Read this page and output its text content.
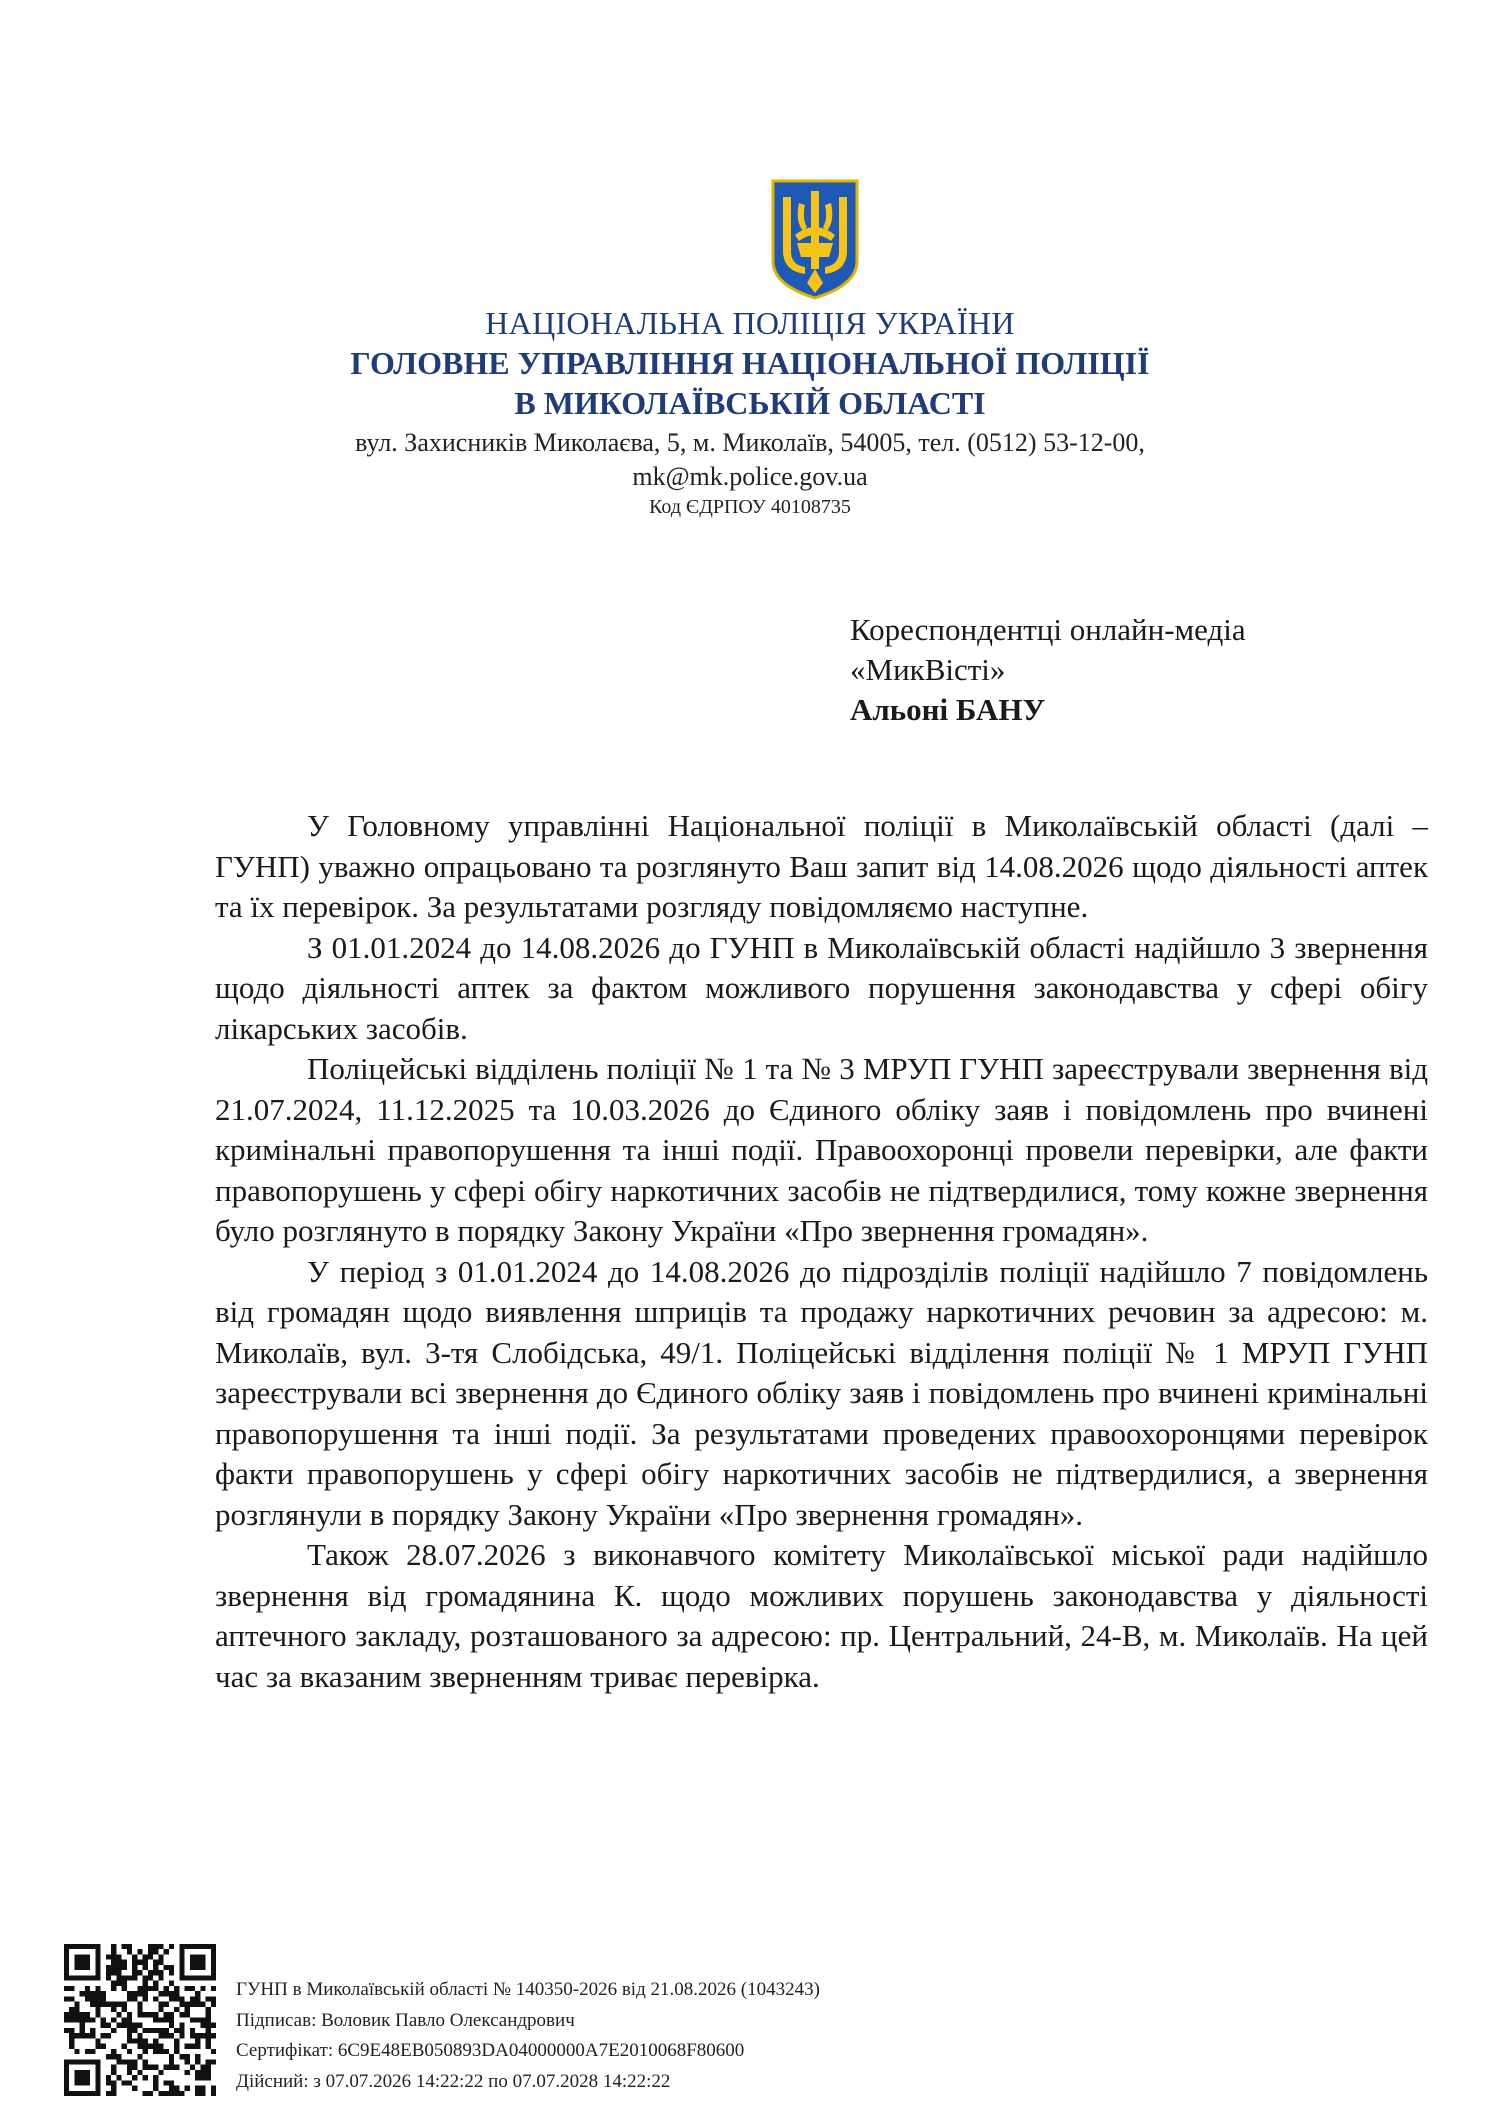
НАЦІОНАЛЬНА ПОЛІЦІЯ УКРАЇНИ
ГОЛОВНЕ УПРАВЛІННЯ НАЦІОНАЛЬНОЇ ПОЛІЦІЇ
В МИКОЛАЇВСЬКІЙ ОБЛАСТІ
вул. Захисників Миколаєва, 5, м. Миколаїв, 54005, тел. (0512) 53-12-00,
mk@mk.police.gov.ua
Код ЄДРПОУ 40108735
Кореспондентці онлайн-медіа
«МикВісті»
Альоні БАНУ

У Головному управлінні Національної поліції в Миколаївській області (далі – ГУНП) уважно опрацьовано та розглянуто Ваш запит від 14.08.2026 щодо діяльності аптек та їх перевірок. За результатами розгляду повідомляємо наступне.

З 01.01.2024 до 14.08.2026 до ГУНП в Миколаївській області надійшло 3 звернення щодо діяльності аптек за фактом можливого порушення законодавства у сфері обігу лікарських засобів.

Поліцейські відділень поліції № 1 та № 3 МРУП ГУНП зареєстрували звернення від 21.07.2024, 11.12.2025 та 10.03.2026 до Єдиного обліку заяв і повідомлень про вчинені кримінальні правопорушення та інші події. Правоохоронці провели перевірки, але факти правопорушень у сфері обігу наркотичних засобів не підтвердилися, тому кожне звернення було розглянуто в порядку Закону України «Про звернення громадян».

У період з 01.01.2024 до 14.08.2026 до підрозділів поліції надійшло 7 повідомлень від громадян щодо виявлення шприців та продажу наркотичних речовин за адресою: м. Миколаїв, вул. 3-тя Слобідська, 49/1. Поліцейські відділення поліції № 1 МРУП ГУНП зареєстрували всі звернення до Єдиного обліку заяв і повідомлень про вчинені кримінальні правопорушення та інші події. За результатами проведених правоохоронцями перевірок факти правопорушень у сфері обігу наркотичних засобів не підтвердилися, а звернення розглянули в порядку Закону України «Про звернення громадян».

Також 28.07.2026 з виконавчого комітету Миколаївської міської ради надійшло звернення від громадянина К. щодо можливих порушень законодавства у діяльності аптечного закладу, розташованого за адресою: пр. Центральний, 24-В, м. Миколаїв. На цей час за вказаним зверненням триває перевірка.

ГУНП в Миколаївській області № 140350-2026 від 21.08.2026 (1043243)
Підписав: Воловик Павло Олександрович
Сертифікат: 6C9E48EB050893DA04000000A7E2010068F80600
Дійсний: з 07.07.2026 14:22:22 по 07.07.2028 14:22:22
